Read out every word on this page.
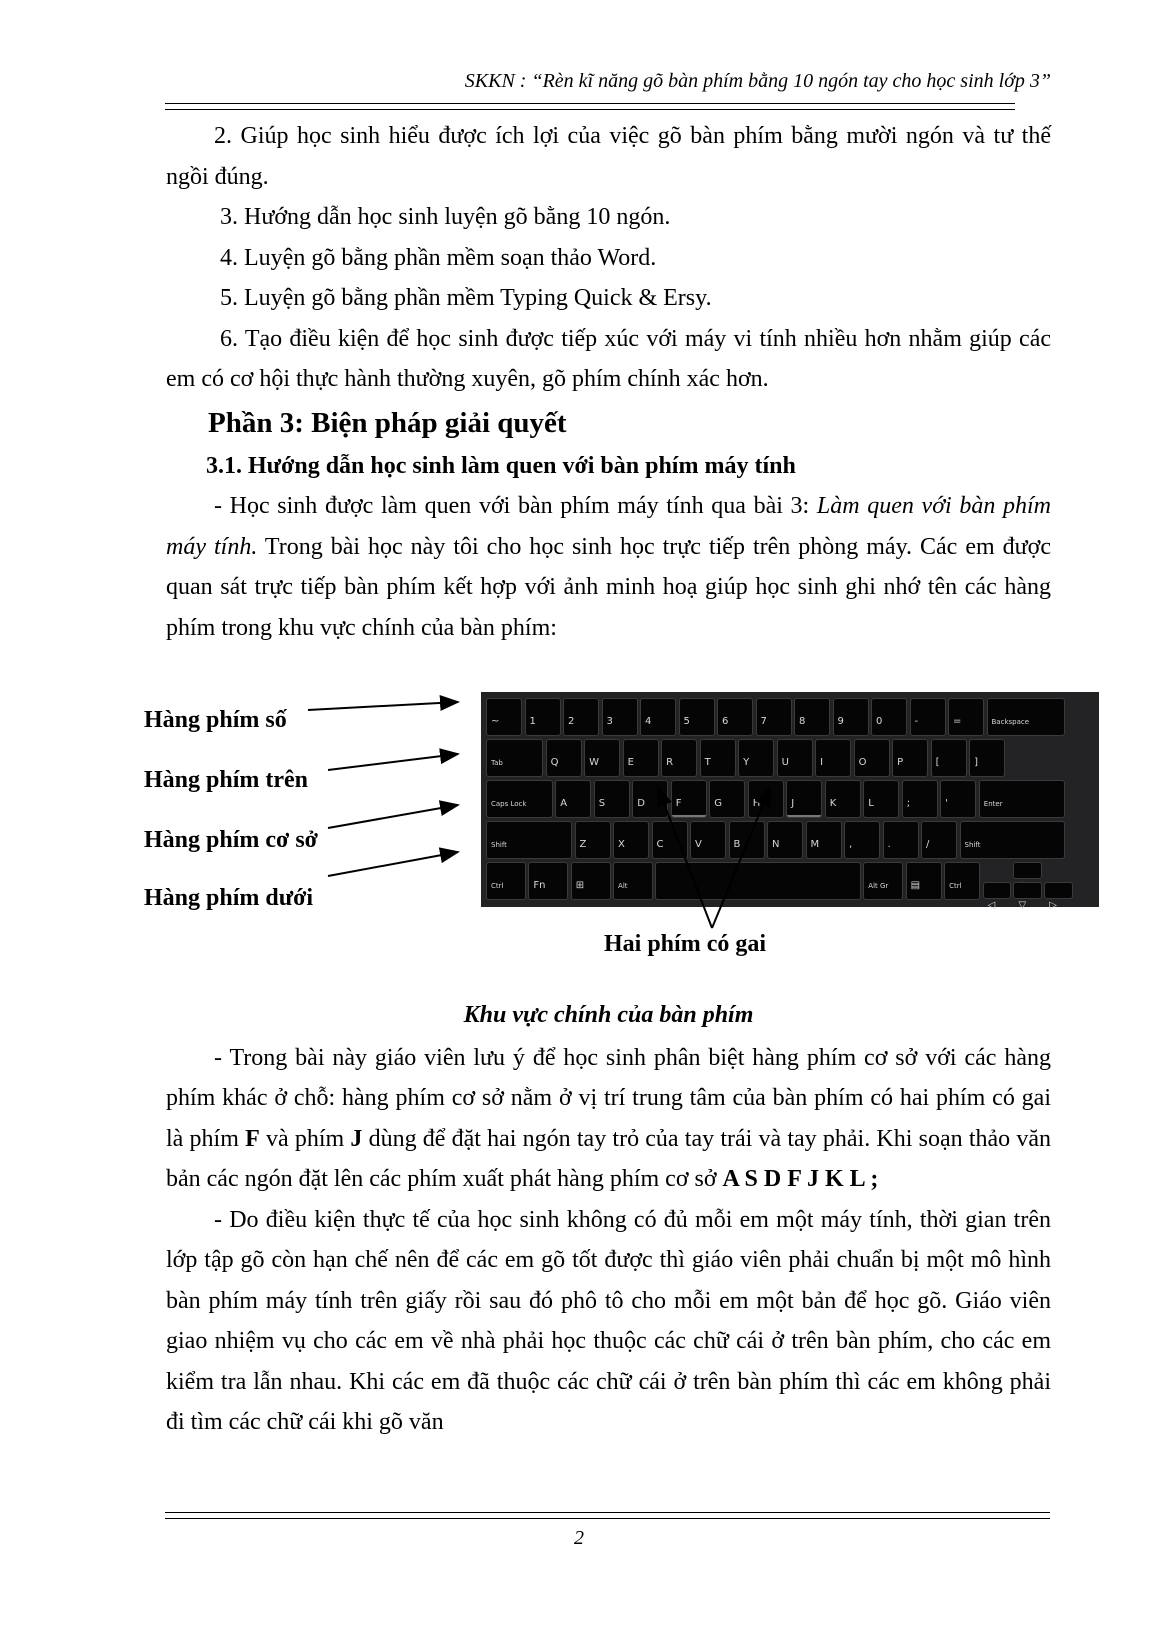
SKKN : “Rèn kĩ năng gõ bàn phím bằng 10 ngón tay cho học sinh lớp 3”

2. Giúp học sinh hiểu được ích lợi của việc gõ bàn phím bằng mười ngón và tư thế ngồi đúng.

3. Hướng dẫn học sinh luyện gõ bằng 10 ngón.

4. Luyện gõ bằng phần mềm soạn thảo Word.

5. Luyện gõ bằng phần mềm Typing Quick & Ersy.

6. Tạo điều kiện để học sinh được tiếp xúc với máy vi tính nhiều hơn nhằm giúp các em có cơ hội thực hành thường xuyên, gõ phím chính xác hơn.

Phần 3: Biện pháp giải quyết

3.1. Hướng dẫn học sinh làm quen với bàn phím máy tính

- Học sinh được làm quen với bàn phím máy tính qua bài 3: Làm quen với bàn phím máy tính. Trong bài học này tôi cho học sinh học trực tiếp trên phòng máy. Các em được quan sát trực tiếp bàn phím kết hợp với ảnh minh hoạ giúp học sinh ghi nhớ tên các hàng phím trong khu vực chính của bàn phím:

Hàng phím số
Hàng phím trên
Hàng phím cơ sở
Hàng phím dưới
~	1	2	3	4	5	6	7	8	9	0	-	=	Backspace
Tab	Q	W	E	R	T	Y	U	I	O	P	[	]
Caps Lock	A	S	D	F	G	H	J	K	L	;	'	Enter
Shift	Z	X	C	V	B	N	M	,	.	/	Shift
Ctrl	Fn	⊞	Alt	Alt Gr	▤	Ctrl
◁	▽	▷
Hai phím có gai

Khu vực chính của bàn phím

- Trong bài này giáo viên lưu ý để học sinh phân biệt hàng phím cơ sở với các hàng phím khác ở chỗ: hàng phím cơ sở nằm ở vị trí trung tâm của bàn phím có hai phím có gai là phím F và phím J dùng để đặt hai ngón tay trỏ của tay trái và tay phải. Khi soạn thảo văn bản các ngón đặt lên các phím xuất phát hàng phím cơ sở A S D F J K L ;

- Do điều kiện thực tế của học sinh không có đủ mỗi em một máy tính, thời gian trên lớp tập gõ còn hạn chế nên để các em gõ tốt được thì giáo viên phải chuẩn bị một mô hình bàn phím máy tính trên giấy rồi sau đó phô tô cho mỗi em một bản để học gõ. Giáo viên giao nhiệm vụ cho các em về nhà phải học thuộc các chữ cái ở trên bàn phím, cho các em kiểm tra lẫn nhau. Khi các em đã thuộc các chữ cái ở trên bàn phím thì các em không phải đi tìm các chữ cái khi gõ văn

2
